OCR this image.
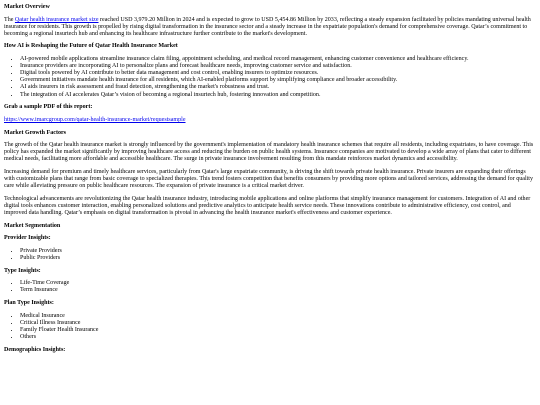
Market Overview

The Qatar health insurance market size reached USD 3,979.20 Million in 2024 and is expected to grow to USD 5,454.86 Million by 2033, reflecting a steady expansion facilitated by policies mandating universal health insurance for residents. This growth is propelled by rising digital transformation in the insurance sector and a steady increase in the expatriate population's demand for comprehensive coverage. Qatar’s commitment to becoming a regional insurtech hub and enhancing its healthcare infrastructure further contribute to the market's development.

How AI is Reshaping the Future of Qatar Health Insurance Market
• AI-powered mobile applications streamline insurance claim filing, appointment scheduling, and medical record management, enhancing customer convenience and healthcare efficiency.
• Insurance providers are incorporating AI to personalize plans and forecast healthcare needs, improving customer service and satisfaction.
• Digital tools powered by AI contribute to better data management and cost control, enabling insurers to optimize resources.
• Government initiatives mandate health insurance for all residents, which AI-enabled platforms support by simplifying compliance and broader accessibility.
• AI aids insurers in risk assessment and fraud detection, strengthening the market's robustness and trust.
• The integration of AI accelerates Qatar’s vision of becoming a regional insurtech hub, fostering innovation and competition.
Grab a sample PDF of this report:

https://www.imarcgroup.com/qatar-health-insurance-market/requestsample

Market Growth Factors

The growth of the Qatar health insurance market is strongly influenced by the government's implementation of mandatory health insurance schemes that require all residents, including expatriates, to have coverage. This policy has expanded the market significantly by improving healthcare access and reducing the burden on public health systems. Insurance companies are motivated to develop a wide array of plans that cater to different medical needs, facilitating more affordable and accessible healthcare. The surge in private insurance involvement resulting from this mandate reinforces market dynamics and accessibility.

Increasing demand for premium and timely healthcare services, particularly from Qatar's large expatriate community, is driving the shift towards private health insurance. Private insurers are expanding their offerings with customizable plans that range from basic coverage to specialized therapies. This trend fosters competition that benefits consumers by providing more options and tailored services, addressing the demand for quality care while alleviating pressure on public healthcare resources. The expansion of private insurance is a critical market driver.

Technological advancements are revolutionizing the Qatar health insurance industry, introducing mobile applications and online platforms that simplify insurance management for customers. Integration of AI and other digital tools enhances customer interaction, enabling personalized solutions and predictive analytics to anticipate health service needs. These innovations contribute to administrative efficiency, cost control, and improved data handling. Qatar’s emphasis on digital transformation is pivotal in advancing the health insurance market's effectiveness and customer experience.

Market Segmentation
Provider Insights:
• Private Providers
• Public Providers
Type Insights:
• Life-Time Coverage
• Term Insurance
Plan Type Insights:
• Medical Insurance
• Critical Illness Insurance
• Family Floater Health Insurance
• Others
Demographics Insights:
